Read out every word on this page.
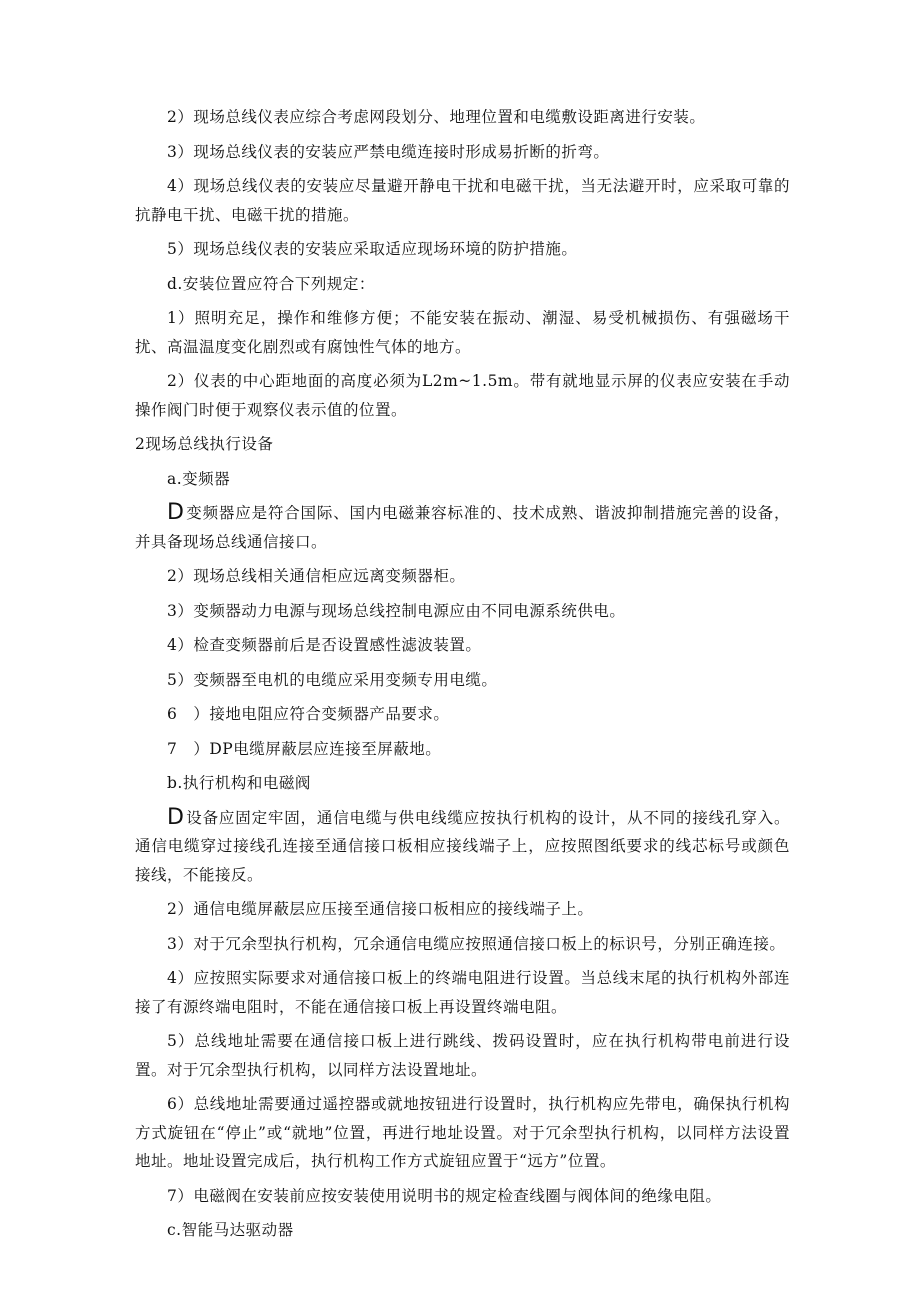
2）现场总线仪表应综合考虑网段划分、地理位置和电缆敷设距离进行安装。

3）现场总线仪表的安装应严禁电缆连接时形成易折断的折弯。

4）现场总线仪表的安装应尽量避开静电干扰和电磁干扰，当无法避开时，应采取可靠的抗静电干扰、电磁干扰的措施。

5）现场总线仪表的安装应采取适应现场环境的防护措施。

d.安装位置应符合下列规定：

1）照明充足，操作和维修方便；不能安装在振动、潮湿、易受机械损伤、有强磁场干扰、高温温度变化剧烈或有腐蚀性气体的地方。

2）仪表的中心距地面的高度必须为L2m~1.5m。带有就地显示屏的仪表应安装在手动操作阀门时便于观察仪表示值的位置。

2现场总线执行设备

a.变频器

D 变频器应是符合国际、国内电磁兼容标准的、技术成熟、谐波抑制措施完善的设备，并具备现场总线通信接口。

2）现场总线相关通信柜应远离变频器柜。

3）变频器动力电源与现场总线控制电源应由不同电源系统供电。

4）检查变频器前后是否设置感性滤波装置。

5）变频器至电机的电缆应采用变频专用电缆。

6　）接地电阻应符合变频器产品要求。

7　）DP电缆屏蔽层应连接至屏蔽地。

b.执行机构和电磁阀

D 设备应固定牢固，通信电缆与供电线缆应按执行机构的设计，从不同的接线孔穿入。通信电缆穿过接线孔连接至通信接口板相应接线端子上，应按照图纸要求的线芯标号或颜色接线，不能接反。

2）通信电缆屏蔽层应压接至通信接口板相应的接线端子上。

3）对于冗余型执行机构，冗余通信电缆应按照通信接口板上的标识号，分别正确连接。

4）应按照实际要求对通信接口板上的终端电阻进行设置。当总线末尾的执行机构外部连接了有源终端电阻时，不能在通信接口板上再设置终端电阻。

5）总线地址需要在通信接口板上进行跳线、拨码设置时，应在执行机构带电前进行设置。对于冗余型执行机构，以同样方法设置地址。

6）总线地址需要通过遥控器或就地按钮进行设置时，执行机构应先带电，确保执行机构方式旋钮在“停止”或“就地”位置，再进行地址设置。对于冗余型执行机构，以同样方法设置地址。地址设置完成后，执行机构工作方式旋钮应置于“远方”位置。

7）电磁阀在安装前应按安装使用说明书的规定检查线圈与阀体间的绝缘电阻。

c.智能马达驱动器
